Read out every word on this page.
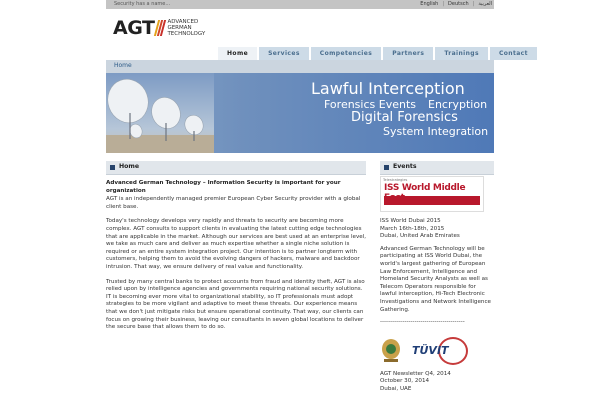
Security has a name...	English | Deutsch | العربية
AGT ADVANCED
GERMAN
TECHNOLOGY
Home	Services	Competencies	Partners	Trainings	Contact
Home
Lawful Interception
Forensics Events Encryption
Digital Forensics
System Integration
Home

Advanced German Technology – Information Security is important for your organization

AGT is an independently managed premier European Cyber Security provider with a global client base.

Today's technology develops very rapidly and threats to security are becoming more complex. AGT consults to support clients in evaluating the latest cutting edge technologies that are applicable in the market. Although our services are best used at an enterprise level, we take as much care and deliver as much expertise whether a single niche solution is required or an entire system integration project. Our intention is to partner longterm with customers, helping them to avoid the evolving dangers of hackers, malware and backdoor intrusion. That way, we ensure delivery of real value and functionality.

Trusted by many central banks to protect accounts from fraud and identity theft, AGT is also relied upon by intelligence agencies and governments requiring national security solutions. IT is becoming ever more vital to organizational stability, so IT professionals must adopt strategies to be more vigilant and adaptive to meet these threats. Our experience means that we don't just mitigate risks but ensure operational continuity. That way, our clients can focus on growing their business, leaving our consultants in seven global locations to deliver the secure base that allows them to do so.

Events
Telestrategies
ISS World Middle

ISS World Dubai 2015

March 16th-18th, 2015

Dubai, United Arab Emirates

Advanced German Technology will be participating at ISS World Dubai, the world's largest gathering of European Law Enforcement, Intelligence and Homeland Security Analysts as well as Telecom Operators responsible for lawful interception, Hi-Tech Electronic Investigations and Network Intelligence Gathering.

------------------------------------------

TÜVIT

AGT Newsletter Q4, 2014

October 30, 2014

Dubai, UAE
